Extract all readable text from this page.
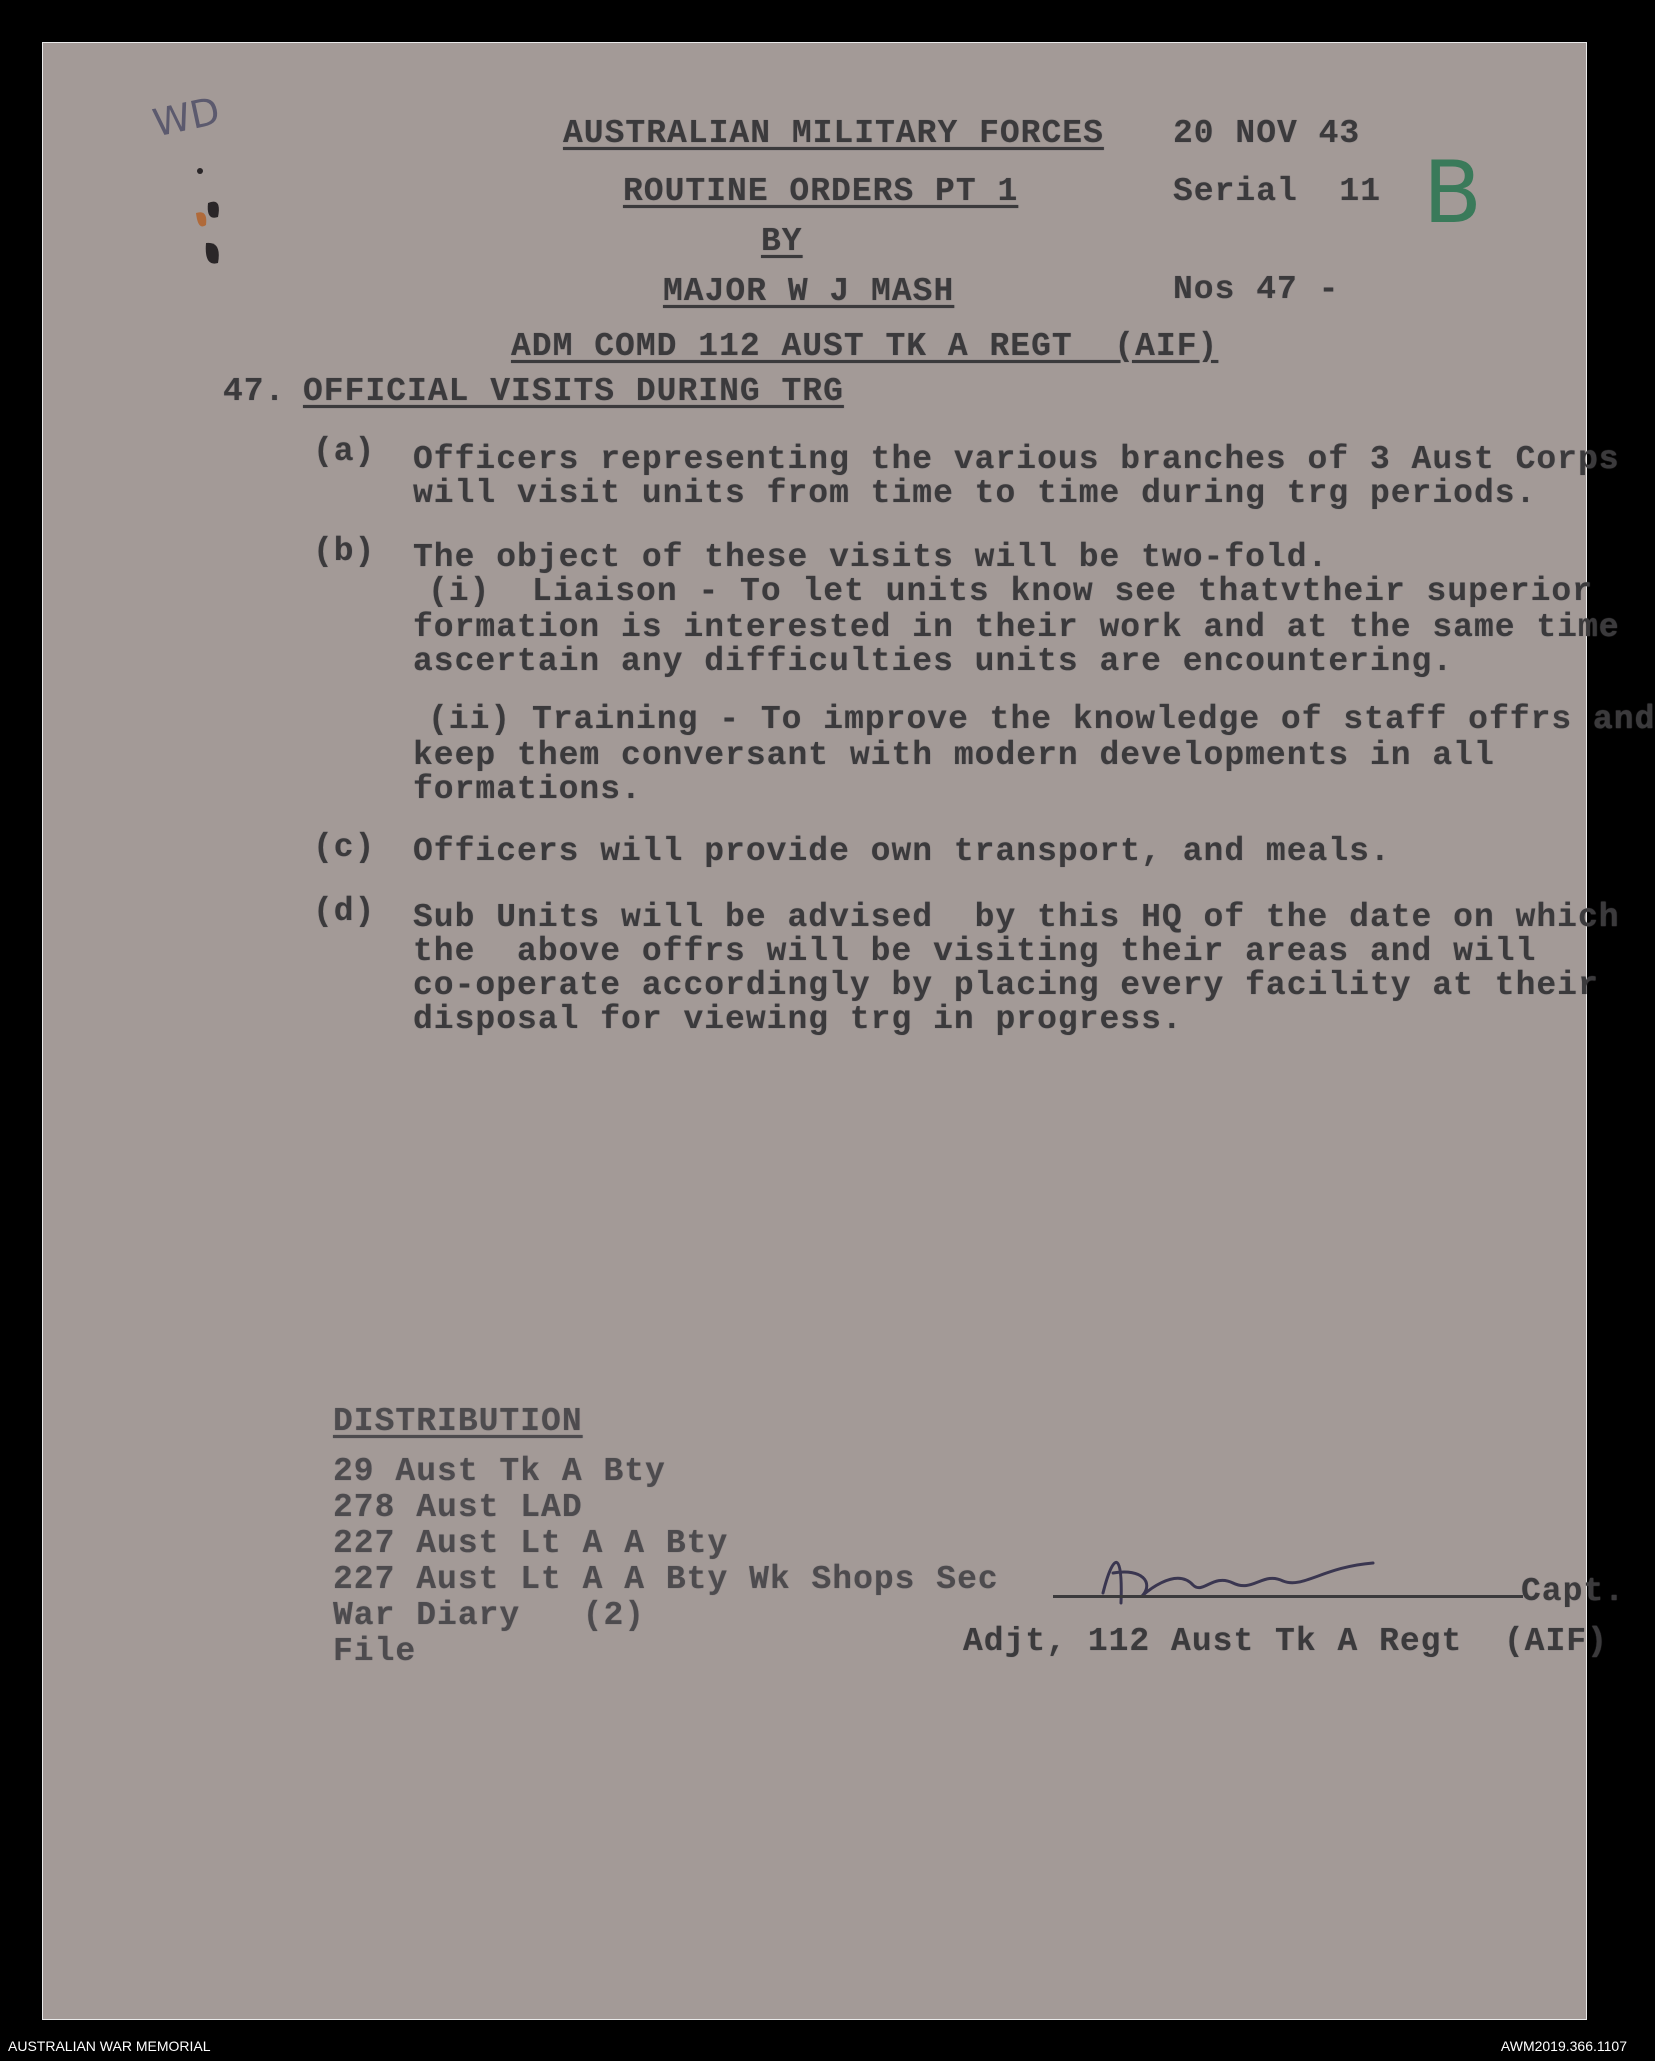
WD
B
AUSTRALIAN MILITARY FORCES
ROUTINE ORDERS PT 1
BY
MAJOR W J MASH
ADM COMD 112 AUST TK A REGT  (AIF)
20 NOV 43
Serial  11
Nos 47 -
47. OFFICIAL VISITS DURING TRG
(a) Officers representing the various branches of 3 Aust Corps
will visit units from time to time during trg periods.
(b) The object of these visits will be two-fold.
(i)  Liaison - To let units know see thatvtheir superior
formation is interested in their work and at the same time
ascertain any difficulties units are encountering.
(ii) Training - To improve the knowledge of staff offrs and
keep them conversant with modern developments in all
formations.
(c) Officers will provide own transport, and meals.
(d) Sub Units will be advised  by this HQ of the date on which
the  above offrs will be visiting their areas and will
co-operate accordingly by placing every facility at their
disposal for viewing trg in progress.
DISTRIBUTION
29 Aust Tk A Bty
278 Aust LAD
227 Aust Lt A A Bty
227 Aust Lt A A Bty Wk Shops Sec
War Diary   (2)
File
Capt.
Adjt, 112 Aust Tk A Regt  (AIF)
AUSTRALIAN WAR MEMORIAL	AWM2019.366.1107
